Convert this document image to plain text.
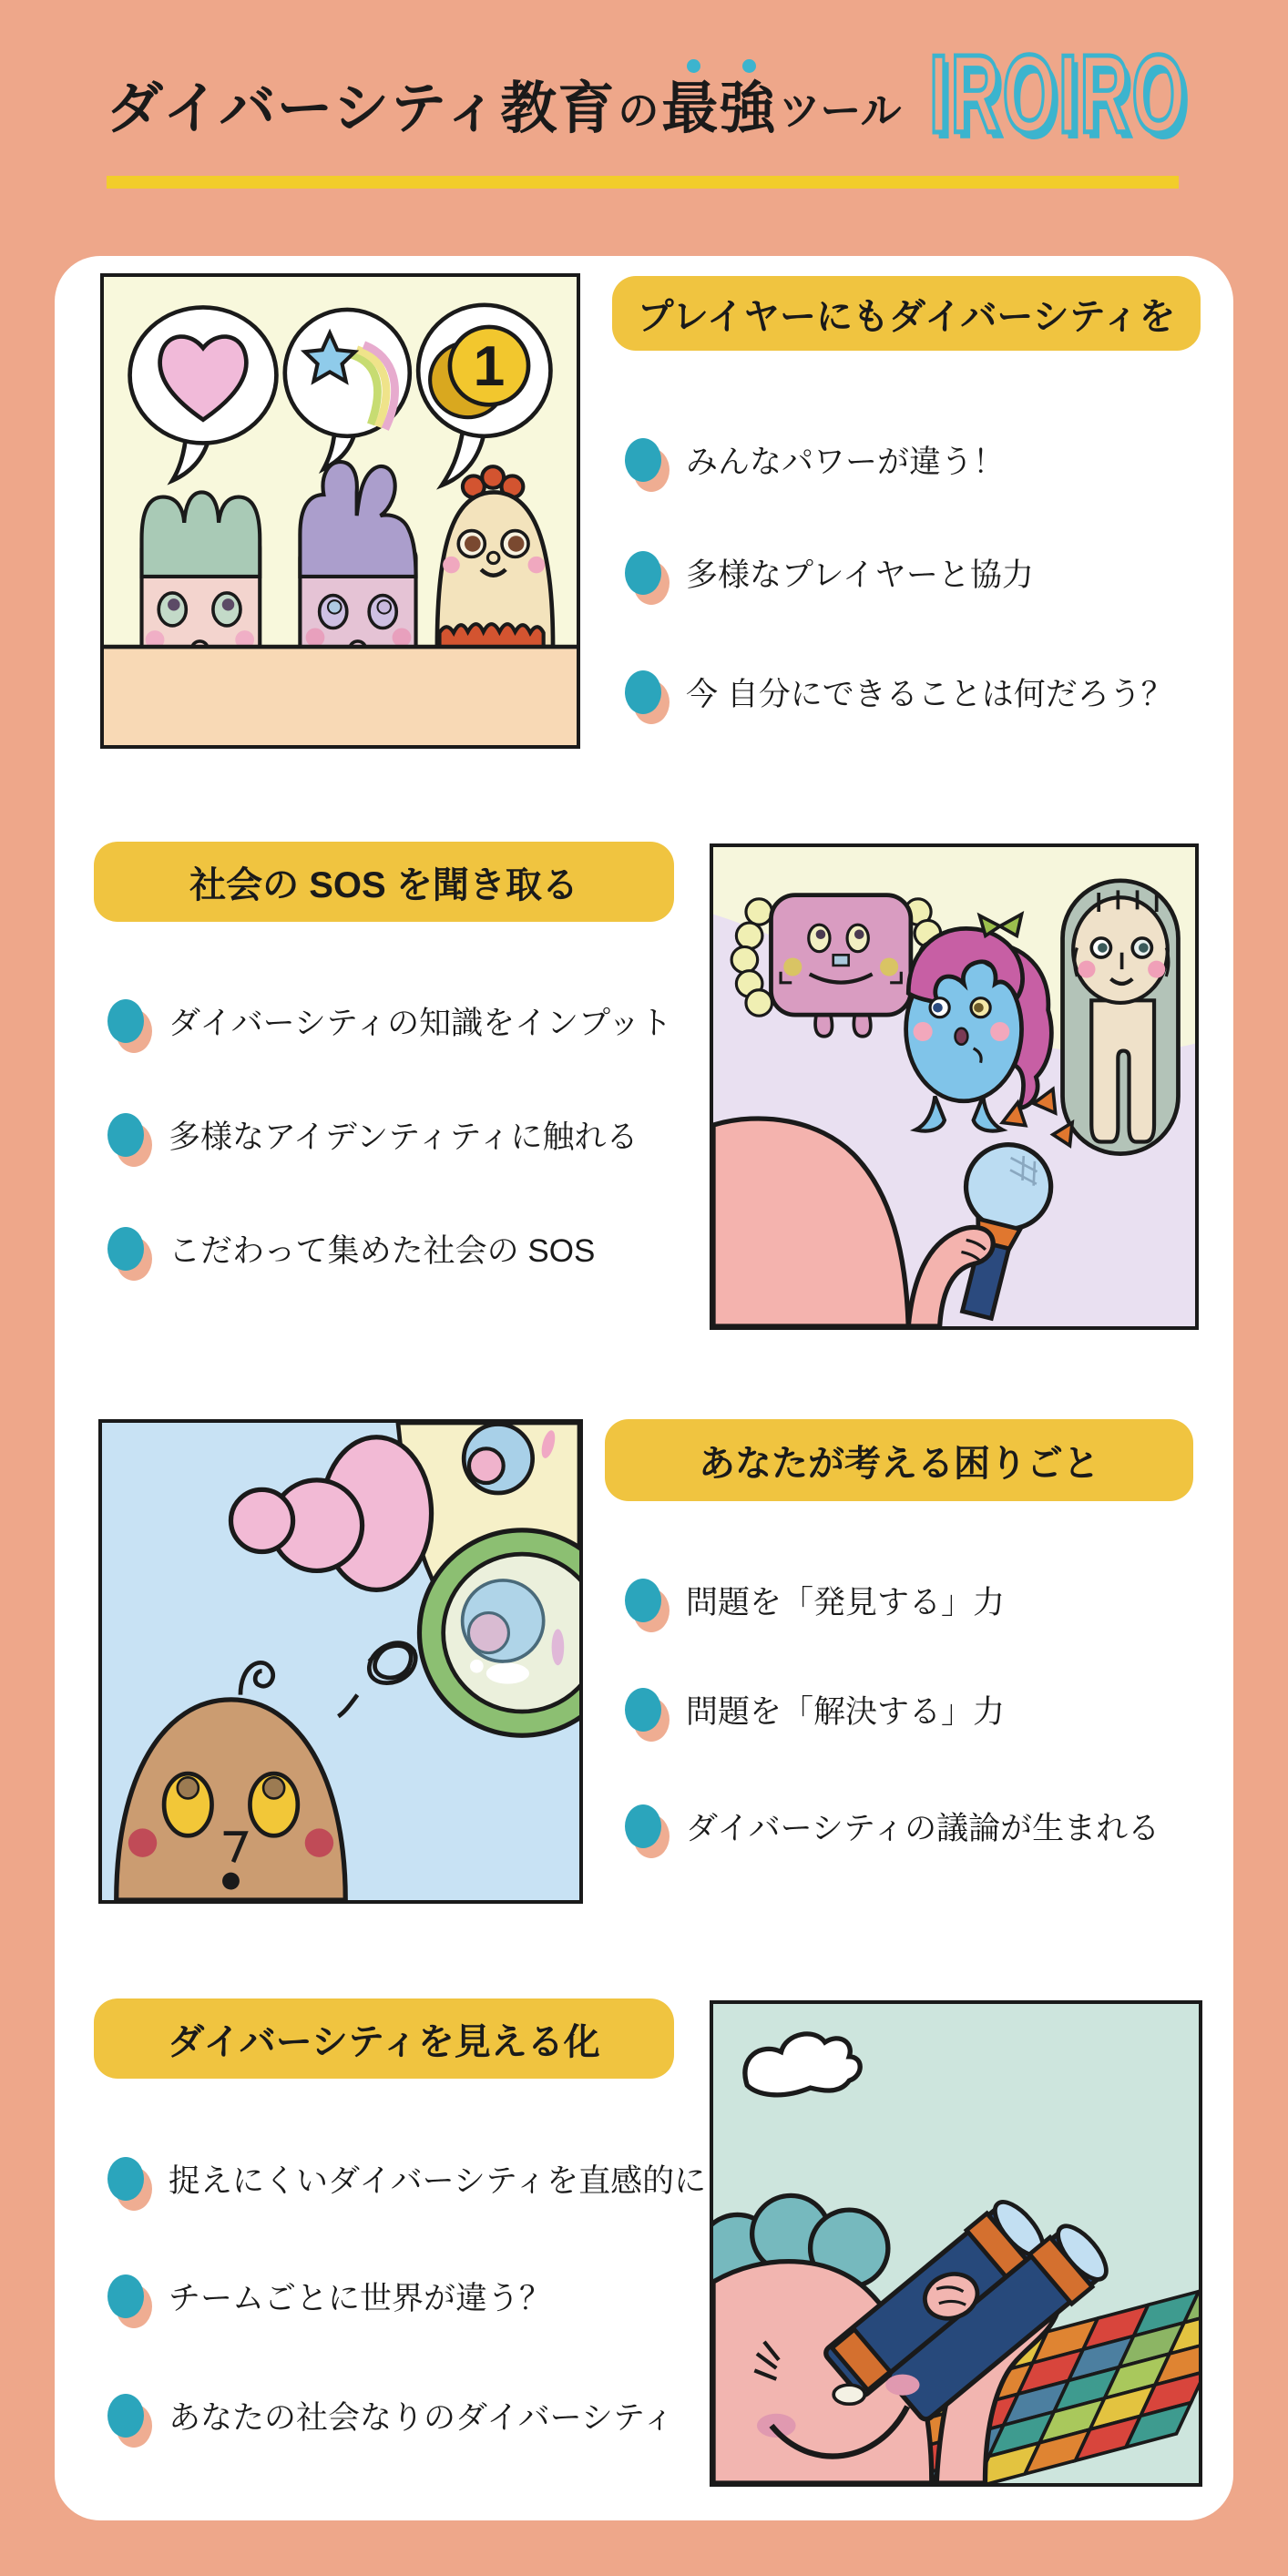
ダイバーシティ教育 の 最強 ツール IROIRO
1
プレイヤーにもダイバーシティを
みんなパワーが違う！
多様なプレイヤーと協力
今 自分にできることは何だろう？
社会の SOS を聞き取る
ダイバーシティの知識をインプット
多様なアイデンティティに触れる
こだわって集めた社会の SOS
あなたが考える困りごと
問題を「発見する」力
問題を「解決する」力
ダイバーシティの議論が生まれる
ダイバーシティを見える化
捉えにくいダイバーシティを直感的に
チームごとに世界が違う？
あなたの社会なりのダイバーシティ
